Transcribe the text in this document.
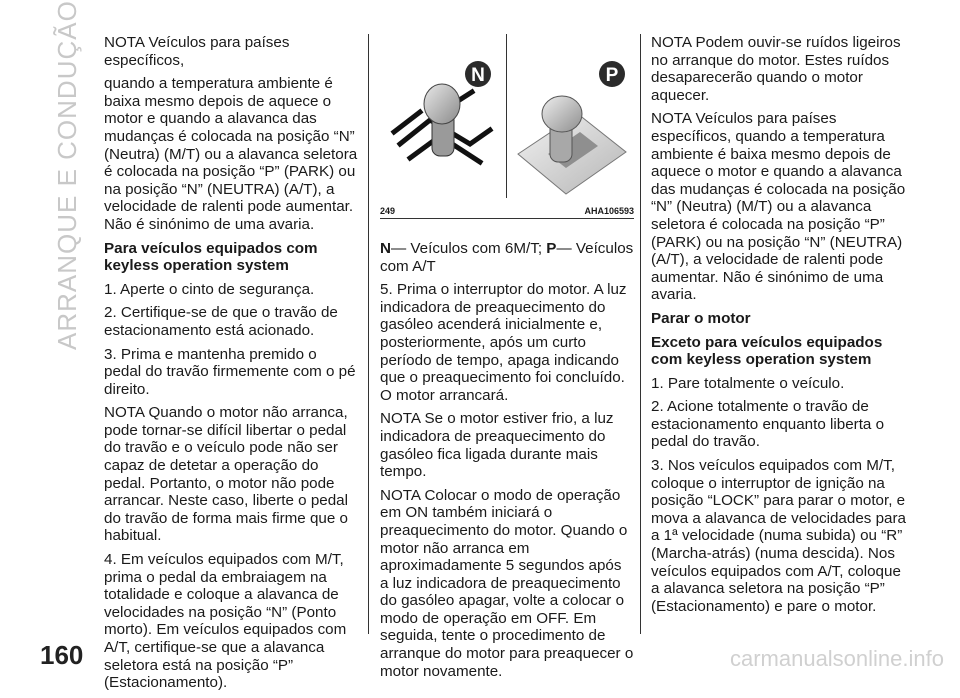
ARRANQUE E CONDUÇÃO
160

NOTA Veículos para países específicos,

quando a temperatura ambiente é baixa mesmo depois de aquece o motor e quando a alavanca das mudanças é colocada na posição “N” (Neutra) (M/T) ou a alavanca seletora é colocada na posição “P” (PARK) ou na posição “N” (NEUTRA) (A/T), a velocidade de ralenti pode aumentar. Não é sinónimo de uma avaria.

Para veículos equipados com keyless operation system

1. Aperte o cinto de segurança.

2. Certifique-se de que o travão de estacionamento está acionado.

3. Prima e mantenha premido o pedal do travão firmemente com o pé direito.

NOTA Quando o motor não arranca, pode tornar-se difícil libertar o pedal do travão e o veículo pode não ser capaz de detetar a operação do pedal. Portanto, o motor não pode arrancar. Neste caso, liberte o pedal do travão de forma mais firme que o habitual.

4. Em veículos equipados com M/T, prima o pedal da embraiagem na totalidade e coloque a alavanca de velocidades na posição “N” (Ponto morto). Em veículos equipados com A/T, certifique-se que a alavanca seletora está na posição “P” (Estacionamento).

N	P
249	AHA106593

N— Veículos com 6M/T; P— Veículos com A/T

5. Prima o interruptor do motor. A luz indicadora de preaquecimento do gasóleo acenderá inicialmente e, posteriormente, após um curto período de tempo, apaga indicando que o preaquecimento foi concluído. O motor arrancará.

NOTA Se o motor estiver frio, a luz indicadora de preaquecimento do gasóleo fica ligada durante mais tempo.

NOTA Colocar o modo de operação em ON também iniciará o preaquecimento do motor. Quando o motor não arranca em aproximadamente 5 segundos após a luz indicadora de preaquecimento do gasóleo apagar, volte a colocar o modo de operação em OFF. Em seguida, tente o procedimento de arranque do motor para preaquecer o motor novamente.

NOTA Podem ouvir-se ruídos ligeiros no arranque do motor. Estes ruídos desaparecerão quando o motor aquecer.

NOTA Veículos para países específicos, quando a temperatura ambiente é baixa mesmo depois de aquece o motor e quando a alavanca das mudanças é colocada na posição “N” (Neutra) (M/T) ou a alavanca seletora é colocada na posição “P” (PARK) ou na posição “N” (NEUTRA) (A/T), a velocidade de ralenti pode aumentar. Não é sinónimo de uma avaria.

Parar o motor

Exceto para veículos equipados com keyless operation system

1. Pare totalmente o veículo.

2. Acione totalmente o travão de estacionamento enquanto liberta o pedal do travão.

3. Nos veículos equipados com M/T, coloque o interruptor de ignição na posição “LOCK” para parar o motor, e mova a alavanca de velocidades para a 1ª velocidade (numa subida) ou “R” (Marcha-atrás) (numa descida). Nos veículos equipados com A/T, coloque a alavanca seletora na posição “P” (Estacionamento) e pare o motor.

carmanualsonline.info
